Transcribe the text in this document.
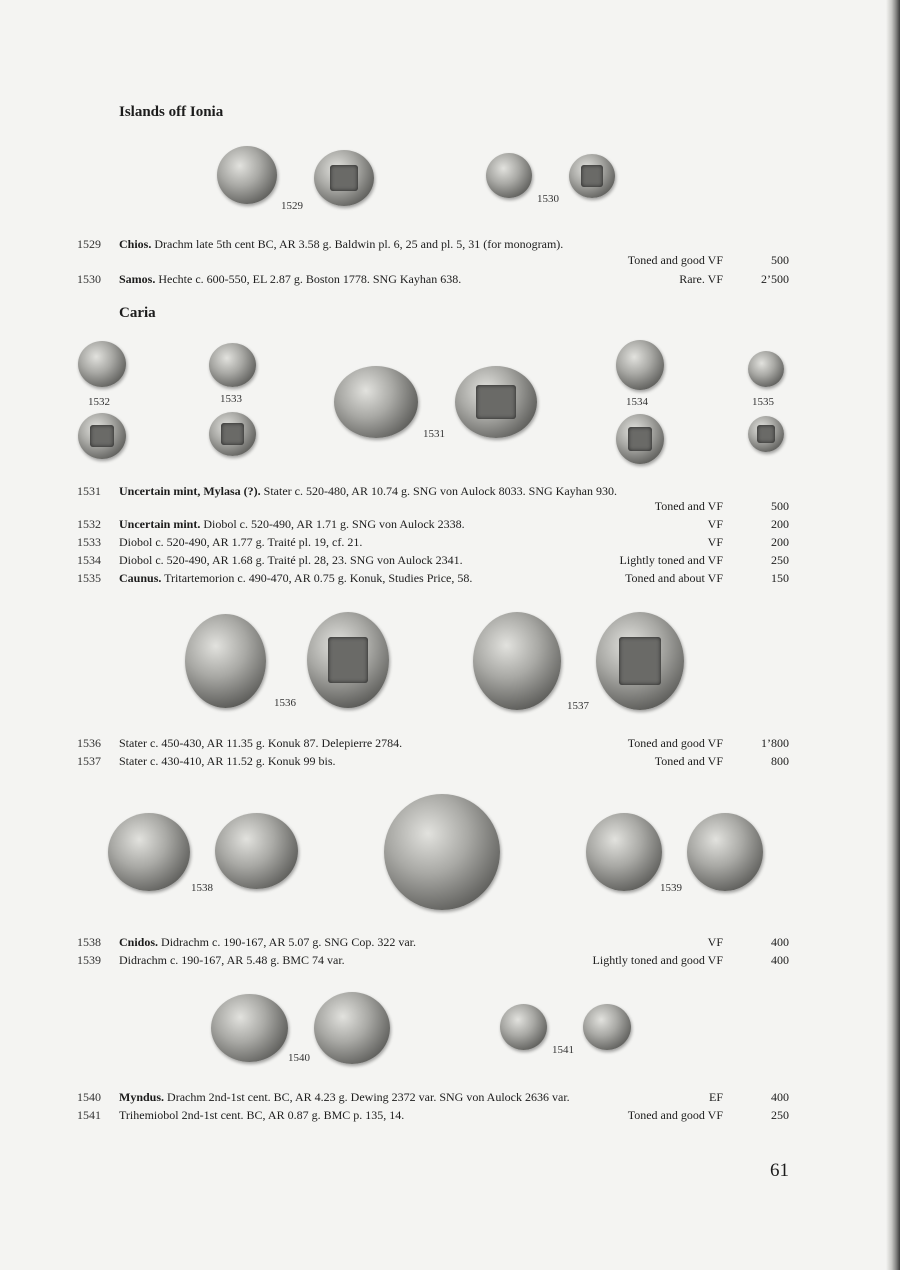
Islands off Ionia
1529
1530
1529 Chios. Drachm late 5th cent BC, AR 3.58 g. Baldwin pl. 6, 25 and pl. 5, 31 (for monogram).
Toned and good VF	500
1530 Samos. Hechte c. 600-550, EL 2.87 g. Boston 1778. SNG Kayhan 638.	Rare. VF	2’500
Caria
1532	1533
1531
1534	1535
1531 Uncertain mint, Mylasa (?). Stater c. 520-480, AR 10.74 g. SNG von Aulock 8033. SNG Kayhan 930.
Toned and VF	500
1532 Uncertain mint. Diobol c. 520-490, AR 1.71 g. SNG von Aulock 2338.	VF	200
1533 Diobol c. 520-490, AR 1.77 g. Traité pl. 19, cf. 21.	VF	200
1534 Diobol c. 520-490, AR 1.68 g. Traité pl. 28, 23. SNG von Aulock 2341.	Lightly toned and VF	250
1535 Caunus. Tritartemorion c. 490-470, AR 0.75 g. Konuk, Studies Price, 58.	Toned and about VF	150
1536	1537
1536 Stater c. 450-430, AR 11.35 g. Konuk 87. Delepierre 2784.	Toned and good VF	1’800
1537 Stater c. 430-410, AR 11.52 g. Konuk 99 bis.	Toned and VF	800
1538	1539
1538 Cnidos. Didrachm c. 190-167, AR 5.07 g. SNG Cop. 322 var.	VF	400
1539 Didrachm c. 190-167, AR 5.48 g. BMC 74 var.	Lightly toned and good VF	400
1540
1541
1540 Myndus. Drachm 2nd-1st cent. BC, AR 4.23 g. Dewing 2372 var. SNG von Aulock 2636 var.	EF	400
1541 Trihemiobol 2nd-1st cent. BC, AR 0.87 g. BMC p. 135, 14.	Toned and good VF	250
61
